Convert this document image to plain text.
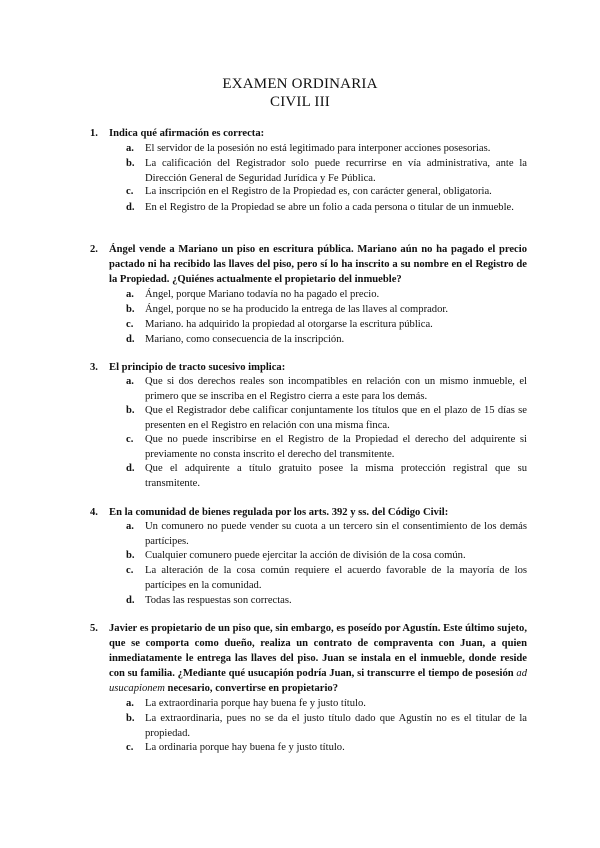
EXAMEN ORDINARIA
CIVIL III
1. Indica qué afirmación es correcta:
a. El servidor de la posesión no está legitimado para interponer acciones posesorias.
b. La calificación del Registrador solo puede recurrirse en vía administrativa, ante la Dirección General de Seguridad Jurídica y Fe Pública.
c. La inscripción en el Registro de la Propiedad es, con carácter general, obligatoria.
d. En el Registro de la Propiedad se abre un folio a cada persona o titular de un inmueble.
2. Ángel vende a Mariano un piso en escritura pública. Mariano aún no ha pagado el precio pactado ni ha recibido las llaves del piso, pero sí lo ha inscrito a su nombre en el Registro de la Propiedad. ¿Quiénes actualmente el propietario del inmueble?
a. Ángel, porque Mariano todavía no ha pagado el precio.
b. Ángel, porque no se ha producido la entrega de las llaves al comprador.
c. Mariano. ha adquirido la propiedad al otorgarse la escritura pública.
d. Mariano, como consecuencia de la inscripción.
3. El principio de tracto sucesivo implica:
a. Que si dos derechos reales son incompatibles en relación con un mismo inmueble, el primero que se inscriba en el Registro cierra a este para los demás.
b. Que el Registrador debe calificar conjuntamente los títulos que en el plazo de 15 días se presenten en el Registro en relación con una misma finca.
c. Que no puede inscribirse en el Registro de la Propiedad el derecho del adquirente si previamente no consta inscrito el derecho del transmitente.
d. Que el adquirente a título gratuito posee la misma protección registral que su transmitente.
4. En la comunidad de bienes regulada por los arts. 392 y ss. del Código Civil:
a. Un comunero no puede vender su cuota a un tercero sin el consentimiento de los demás partícipes.
b. Cualquier comunero puede ejercitar la acción de división de la cosa común.
c. La alteración de la cosa común requiere el acuerdo favorable de la mayoría de los partícipes en la comunidad.
d. Todas las respuestas son correctas.
5. Javier es propietario de un piso que, sin embargo, es poseído por Agustín. Este último sujeto, que se comporta como dueño, realiza un contrato de compraventa con Juan, a quien inmediatamente le entrega las llaves del piso. Juan se instala en el inmueble, donde reside con su familia. ¿Mediante qué usucapión podría Juan, si transcurre el tiempo de posesión ad usucapionem necesario, convertirse en propietario?
a. La extraordinaria porque hay buena fe y justo título.
b. La extraordinaria, pues no se da el justo título dado que Agustín no es el titular de la propiedad.
c. La ordinaria porque hay buena fe y justo título.
